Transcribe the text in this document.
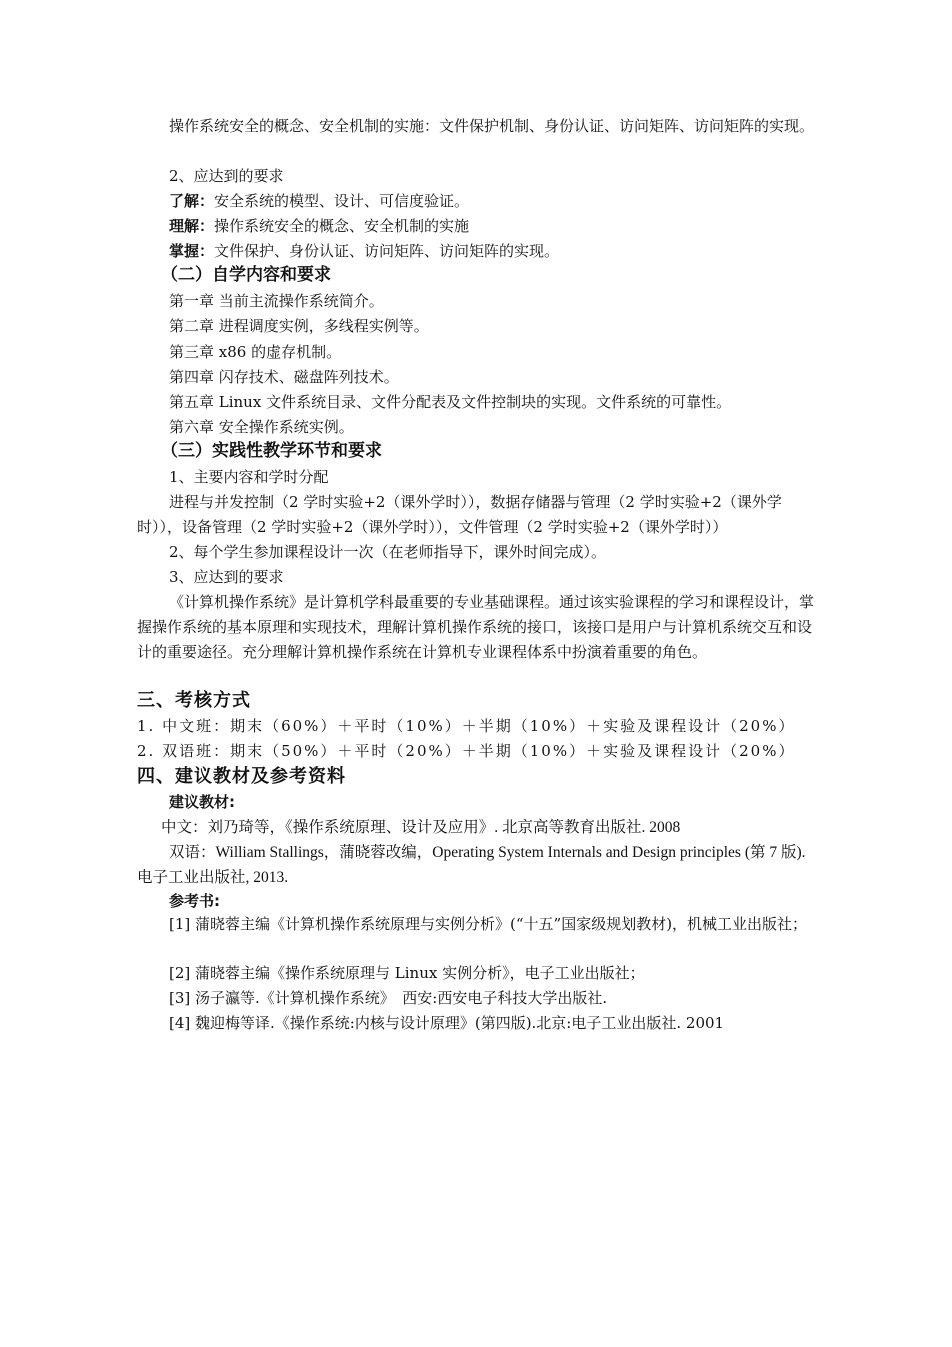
操作系统安全的概念、安全机制的实施：文件保护机制、身份认证、访问矩阵、访问矩阵的实现。
2、应达到的要求
了解：安全系统的模型、设计、可信度验证。
理解：操作系统安全的概念、安全机制的实施
掌握：文件保护、身份认证、访问矩阵、访问矩阵的实现。
（二）自学内容和要求
第一章 当前主流操作系统简介。
第二章 进程调度实例，多线程实例等。
第三章 x86 的虚存机制。
第四章 闪存技术、磁盘阵列技术。
第五章 Linux 文件系统目录、文件分配表及文件控制块的实现。文件系统的可靠性。
第六章 安全操作系统实例。
（三）实践性教学环节和要求
1、主要内容和学时分配
进程与并发控制（2 学时实验+2（课外学时）），数据存储器与管理（2 学时实验+2（课外学时）），设备管理（2 学时实验+2（课外学时）），文件管理（2 学时实验+2（课外学时））
2、每个学生参加课程设计一次（在老师指导下，课外时间完成）。
3、应达到的要求
《计算机操作系统》是计算机学科最重要的专业基础课程。通过该实验课程的学习和课程设计，掌握操作系统的基本原理和实现技术，理解计算机操作系统的接口，该接口是用户与计算机系统交互和设计的重要途径。充分理解计算机操作系统在计算机专业课程体系中扮演着重要的角色。
三、考核方式
1. 中文班：期末（60%）＋平时（10%）＋半期（10%）＋实验及课程设计（20%）
2. 双语班：期末（50%）＋平时（20%）＋半期（10%）＋实验及课程设计（20%）
四、建议教材及参考资料
建议教材:
中文：刘乃琦等，《操作系统原理、设计及应用》. 北京高等教育出版社. 2008
双语：William Stallings，蒲晓蓉改编，Operating System Internals and Design principles (第 7 版). 电子工业出版社, 2013.
参考书:
[1] 蒲晓蓉主编《计算机操作系统原理与实例分析》(“十五”国家级规划教材)，机械工业出版社；
[2] 蒲晓蓉主编《操作系统原理与 Linux 实例分析》，电子工业出版社；
[3] 汤子瀛等.《计算机操作系统》　西安:西安电子科技大学出版社.
[4] 魏迎梅等译.《操作系统:内核与设计原理》(第四版).北京:电子工业出版社. 2001
